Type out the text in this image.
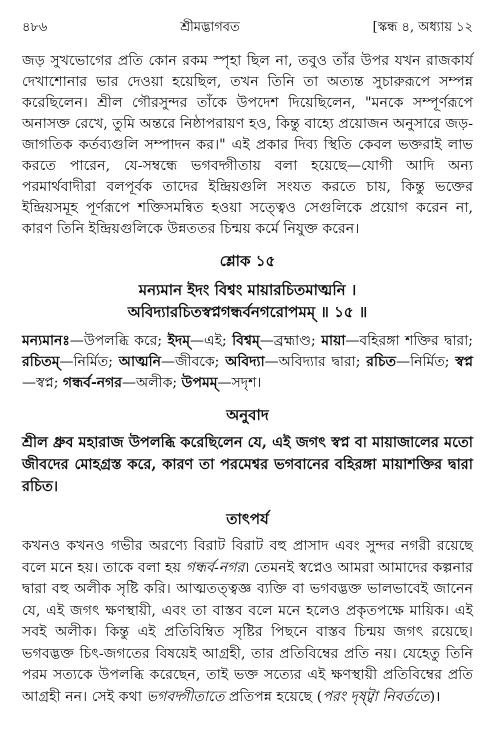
৪৮৬	শ্রীমদ্ভাগবত	[স্কন্ধ ৪, অধ্যায় ১২

জড় সুখভোগের প্রতি কোন রকম স্পৃহা ছিল না, তবুও তাঁর উপর যখন রাজকার্য দেখাশোনার ভার দেওয়া হয়েছিল, তখন তিনি তা অত্যন্ত সুচারুরূপে সম্পন্ন করেছিলেন। শ্রীল গৌরসুন্দর তাঁকে উপদেশ দিয়েছিলেন, "মনকে সম্পূর্ণরূপে অনাসক্ত রেখে, তুমি অন্তরে নিষ্ঠাপরায়ণ হও, কিন্তু বাহ্যে প্রয়োজন অনুসারে জড়-জাগতিক কর্তব্যগুলি সম্পাদন কর।" এই প্রকার দিব্য স্থিতি কেবল ভক্তরাই লাভ করতে পারেন, যে-সম্বন্ধে ভগবদ্গীতায় বলা হয়েছে—যোগী আদি অন্য পরমার্থবাদীরা বলপূর্বক তাদের ইন্দ্রিয়গুলি সংযত করতে চায়, কিন্তু ভক্তের ইন্দ্রিয়সমূহ পূর্ণরূপে শক্তিসমন্বিত হওয়া সত্ত্বেও সেগুলিকে প্রয়োগ করেন না, কারণ তিনি ইন্দ্রিয়গুলিকে উন্নততর চিন্ময় কর্মে নিযুক্ত করেন।

শ্লোক ১৫
মন্যমান ইদং বিশ্বং মায়ারচিতমাত্মনি ।
অবিদ্যারচিতস্বপ্নগন্ধর্বনগরোপমম্ ॥ ১৫ ॥

মন্যমানঃ—উপলব্ধি করে; ইদম্—এই; বিশ্বম্—ব্রহ্মাণ্ড; মায়া—বহিরঙ্গা শক্তির দ্বারা; রচিতম্—নির্মিত; আত্মনি—জীবকে; অবিদ্যা—অবিদ্যার দ্বারা; রচিত—নির্মিত; স্বপ্ন—স্বপ্ন; গন্ধর্ব-নগর—অলীক; উপমম্—সদৃশ।

অনুবাদ

শ্রীল ধ্রুব মহারাজ উপলব্ধি করেছিলেন যে, এই জগৎ স্বপ্ন বা মায়াজালের মতো জীবদের মোহগ্রস্ত করে, কারণ তা পরমেশ্বর ভগবানের বহিরঙ্গা মায়াশক্তির দ্বারা রচিত।

তাৎপর্য

কখনও কখনও গভীর অরণ্যে বিরাট বিরাট বহু প্রাসাদ এবং সুন্দর নগরী রয়েছে বলে মনে হয়। তাকে বলা হয় গন্ধর্ব-নগর। তেমনই স্বপ্নেও আমরা আমাদের কল্পনার দ্বারা বহু অলীক সৃষ্টি করি। আত্মতত্ত্বজ্ঞ ব্যক্তি বা ভগবদ্ভক্ত ভালভাবেই জানেন যে, এই জগৎ ক্ষণস্থায়ী, এবং তা বাস্তব বলে মনে হলেও প্রকৃতপক্ষে মায়িক। এই সবই অলীক। কিন্তু এই প্রতিবিম্বিত সৃষ্টির পিছনে বাস্তব চিন্ময় জগৎ রয়েছে। ভগবদ্ভক্ত চিৎ-জগতের বিষয়েই আগ্রহী, তার প্রতিবিম্বের প্রতি নয়। যেহেতু তিনি পরম সত্যকে উপলব্ধি করেছেন, তাই ভক্ত সত্যের এই ক্ষণস্থায়ী প্রতিবিম্বের প্রতি আগ্রহী নন। সেই কথা ভগবদ্গীতাতে প্রতিপন্ন হয়েছে (পরং দৃষ্ট্বা নিবর্ততে)।
